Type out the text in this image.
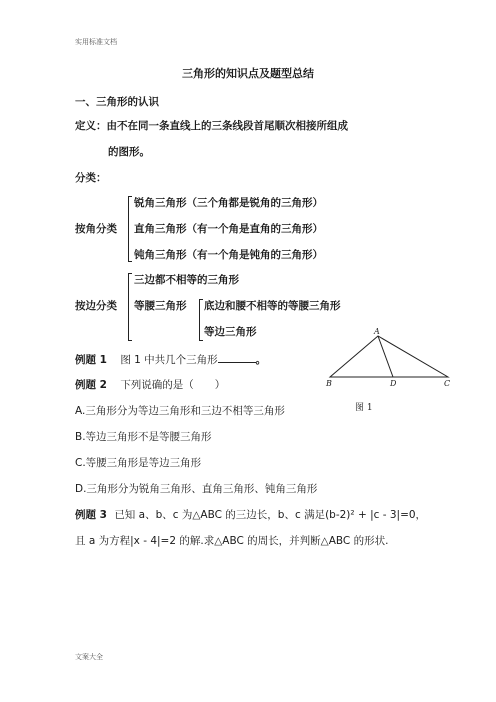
实用标准文档
文案大全
三角形的知识点及题型总结
一、三角形的认识
定义：由不在同一条直线上的三条线段首尾顺次相接所组成
的图形。
分类：
按角分类
锐角三角形（三个角都是锐角的三角形）
直角三角形（有一个角是直角的三角形）
钝角三角形（有一个角是钝角的三角形）
按边分类
三边都不相等的三角形
等腰三角形 底边和腰不相等的等腰三角形
等边三角形
例题 1 图 1 中共几个三角形	。
例题 2 下列说确的是（　　）
A.三角形分为等边三角形和三边不相等三角形
B.等边三角形不是等腰三角形
C.等腰三角形是等边三角形
D.三角形分为锐角三角形、直角三角形、钝角三角形
例题 3 已知 a、b、c 为△ABC 的三边长，b、c 满足(b-2)² + |c - 3|=0，
且 a 为方程|x - 4|=2 的解.求△ABC 的周长，并判断△ABC 的形状.
A
B	D	C
图 1
